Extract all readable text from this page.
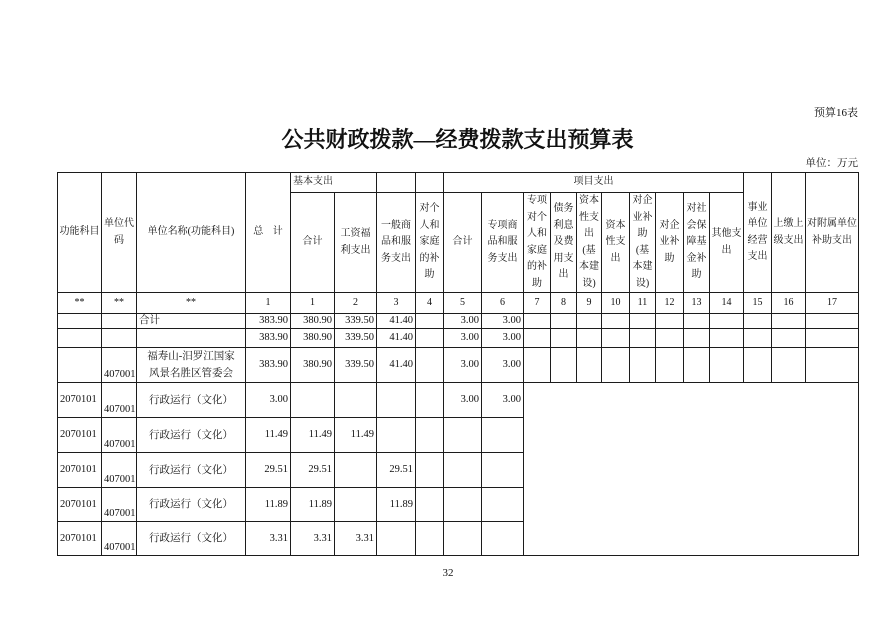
预算16表
公共财政拨款—经费拨款支出预算表
单位：万元
功能科目	单位代码	单位名称(功能科目)	总 计	基本支出				项目支出										事业单位经营支出	上缴上级支出	对附属单位补助支出
				合计	工资福利支出	一般商品和服务支出	对个人和家庭的补助	合计	专项商品和服务支出	专项对个人和家庭的补助	债务利息及费用支出	资本性支出(基本建设)	资本性支出	对企业补助(基本建设)	对企业补助	对社会保障基金补助	其他支出			
**	**	**	1	1	2	3	4	5	6	7	8	9	10	11	12	13	14	15	16	17
		合计	383.90	380.90	339.50	41.40		3.00	3.00											
			383.90	380.90	339.50	41.40		3.00	3.00											
	407001	福寿山-汨罗江国家风景名胜区管委会	383.90	380.90	339.50	41.40		3.00	3.00											
2070101	407001	行政运行（文化）	3.00					3.00	3.00											
2070101	407001	行政运行（文化）	11.49	11.49	11.49															
2070101	407001	行政运行（文化）	29.51	29.51		29.51														
2070101	407001	行政运行（文化）	11.89	11.89		11.89														
2070101	407001	行政运行（文化）	3.31	3.31	3.31															
32
